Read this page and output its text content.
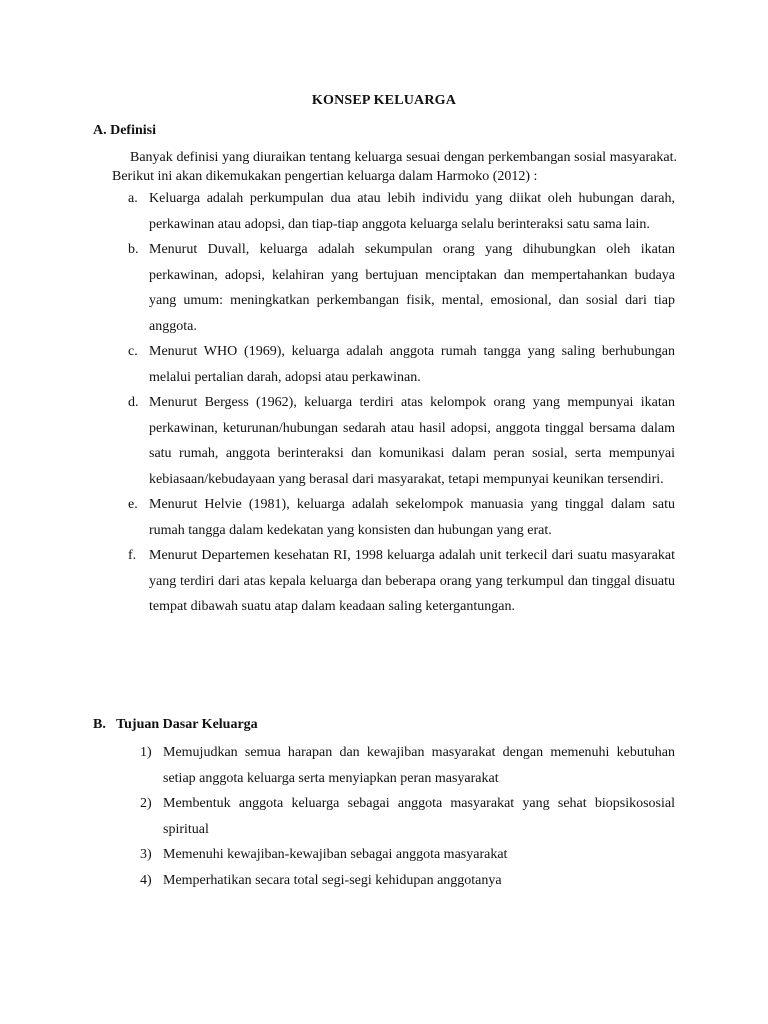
KONSEP KELUARGA
A. Definisi
Banyak definisi yang diuraikan tentang keluarga sesuai dengan perkembangan sosial masyarakat. Berikut ini akan dikemukakan pengertian keluarga dalam Harmoko (2012) :
a. Keluarga adalah perkumpulan dua atau lebih individu yang diikat oleh hubungan darah, perkawinan atau adopsi, dan tiap-tiap anggota keluarga selalu berinteraksi satu sama lain.
b. Menurut Duvall, keluarga adalah sekumpulan orang yang dihubungkan oleh ikatan perkawinan, adopsi, kelahiran yang bertujuan menciptakan dan mempertahankan budaya yang umum: meningkatkan perkembangan fisik, mental, emosional, dan sosial dari tiap anggota.
c. Menurut WHO (1969), keluarga adalah anggota rumah tangga yang saling berhubungan melalui pertalian darah, adopsi atau perkawinan.
d. Menurut Bergess (1962), keluarga terdiri atas kelompok orang yang mempunyai ikatan perkawinan, keturunan/hubungan sedarah atau hasil adopsi, anggota tinggal bersama dalam satu rumah, anggota berinteraksi dan komunikasi dalam peran sosial, serta mempunyai kebiasaan/kebudayaan yang berasal dari masyarakat, tetapi mempunyai keunikan tersendiri.
e. Menurut Helvie (1981), keluarga adalah sekelompok manuasia yang tinggal dalam satu rumah tangga dalam kedekatan yang konsisten dan hubungan yang erat.
f. Menurut Departemen kesehatan RI, 1998 keluarga adalah unit terkecil dari suatu masyarakat yang terdiri dari atas kepala keluarga dan beberapa orang yang terkumpul dan tinggal disuatu tempat dibawah suatu atap dalam keadaan saling ketergantungan.
B.  Tujuan Dasar Keluarga
1) Memujudkan semua harapan dan kewajiban masyarakat dengan memenuhi kebutuhan setiap anggota keluarga serta menyiapkan peran masyarakat
2) Membentuk anggota keluarga sebagai anggota masyarakat yang sehat biopsikososial spiritual
3) Memenuhi kewajiban-kewajiban sebagai anggota masyarakat
4) Memperhatikan secara total segi-segi kehidupan anggotanya
